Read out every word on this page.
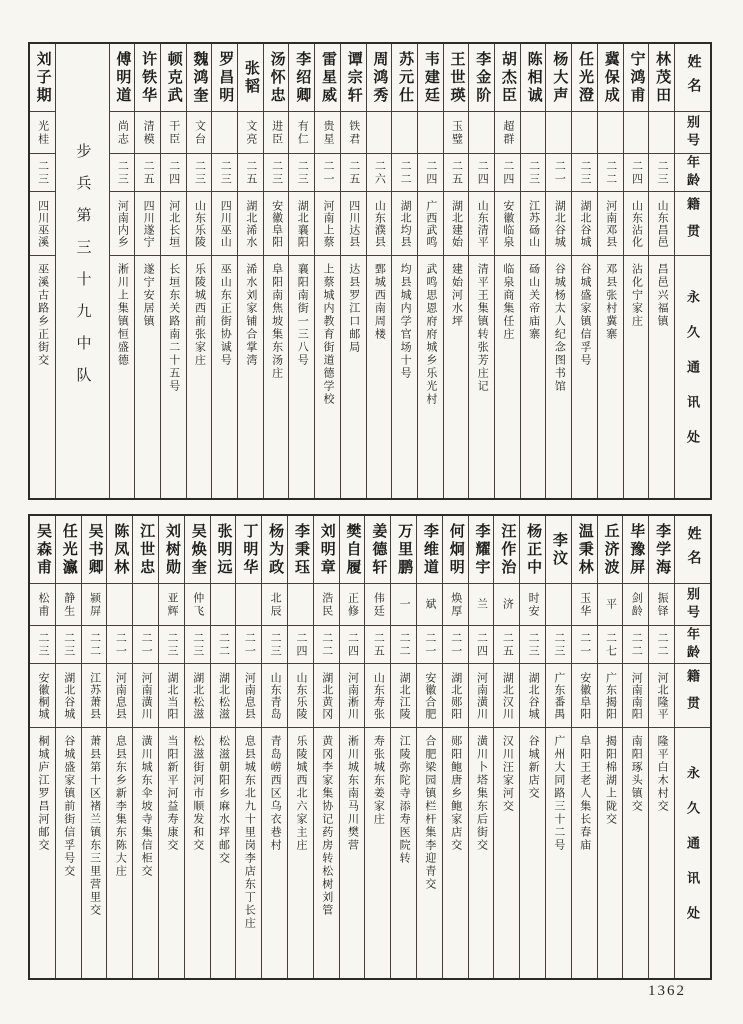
姓名
别号
年龄
籍贯
永久通讯处
林茂田
二三
山东昌邑
昌邑兴福镇
宁鸿甫
二四
山东沾化
沾化宁家庄
冀保成
二二
河南邓县
邓县张村冀寨
任光澄
二三
湖北谷城
谷城盛家镇信孚号
杨大声
二一
湖北谷城
谷城杨太人纪念图书馆
陈相诚
二三
江苏砀山
砀山关帝庙寨
胡杰臣
超群
二四
安徽临泉
临泉商集任庄
李金阶
二四
山东清平
清平王集镇转张芳庄记
王世瑛
玉璧
二五
湖北建始
建始河水坪
韦建廷
二四
广西武鸣
武鸣思恩府府城乡乐光村
苏元仕
二二
湖北均县
均县城内学官场十号
周鸿秀
二六
山东濮县
鄄城西南周楼
谭宗轩
铁君
二五
四川达县
达县罗江口邮局
雷星威
贵星
二一
河南上蔡
上蔡城内教育街道德学校
李绍卿
有仁
二三
湖北襄阳
襄阳南街一三八号
汤怀忠
进臣
二三
安徽阜阳
阜阳南焦坡集东汤庄
张韬
文亮
二五
湖北浠水
浠水刘家铺合掌湾
罗昌明
二三
四川巫山
巫山东正街协诚号
魏鸿奎
文台
二三
山东乐陵
乐陵城西前张家庄
顿克武
干臣
二四
河北长垣
长垣东关路南二十五号
许铁华
清模
二五
四川遂宁
遂宁安居镇
傅明道
尚志
二三
河南内乡
淅川上集镇恒盛德
步兵第三十九中队
刘子期
光桂
二三
四川巫溪
巫溪古路乡正街交
姓名
别号
年龄
籍贯
永久通讯处
李学海
振铎
二二
河北隆平
隆平白木村交
毕豫屏
剑龄
二二
河南南阳
南阳琢头镇交
丘济波
平
二七
广东揭阳
揭阳棉湖上陇交
温秉林
玉华
二一
安徽阜阳
阜阳王老人集长春庙
李汶
二三
广东番禺
广州大同路三十二号
杨正中
时安
二三
湖北谷城
谷城新店交
汪作治
济
二五
湖北汉川
汉川汪家河交
李耀宇
兰
二四
河南潢川
潢川卜塔集东后街交
何炯明
焕厚
二一
湖北郧阳
郧阳鲍唐乡鲍家店交
李维道
斌
二一
安徽合肥
合肥梁园镇栏杆集李迎青交
万里鹏
一
二二
湖北江陵
江陵弥陀寺添寿医院转
姜德轩
伟廷
二五
山东寿张
寿张城东姜家庄
樊自履
正修
二四
河南淅川
淅川城东南马川樊营
刘明章
浩民
二二
湖北黄冈
黄冈李家集协记药房转松树刘管
李秉珏
二四
山东乐陵
乐陵城西北六家主庄
杨为政
北辰
二三
山东青岛
青岛崂西区乌衣巷村
丁明华
二一
河南息县
息县城东北九十里岗李店东丁长庄
张明远
二二
湖北松滋
松滋朝阳乡麻水坪邮交
吴焕奎
仲飞
二三
湖北松滋
松滋街河市顺发和交
刘树勋
亚辉
二三
湖北当阳
当阳新平河益寿康交
江世忠
二一
河南潢川
潢川城东伞坡寺集信柜交
陈凤林
二一
河南息县
息县东乡新李集东陈大庄
吴书卿
颍屏
二二
江苏萧县
萧县第十区褚兰镇东三里营里交
任光瀛
静生
二三
湖北谷城
谷城盛家镇前街信孚号交
吴森甫
松甫
二三
安徽桐城
桐城庐江罗昌河邮交
1362
